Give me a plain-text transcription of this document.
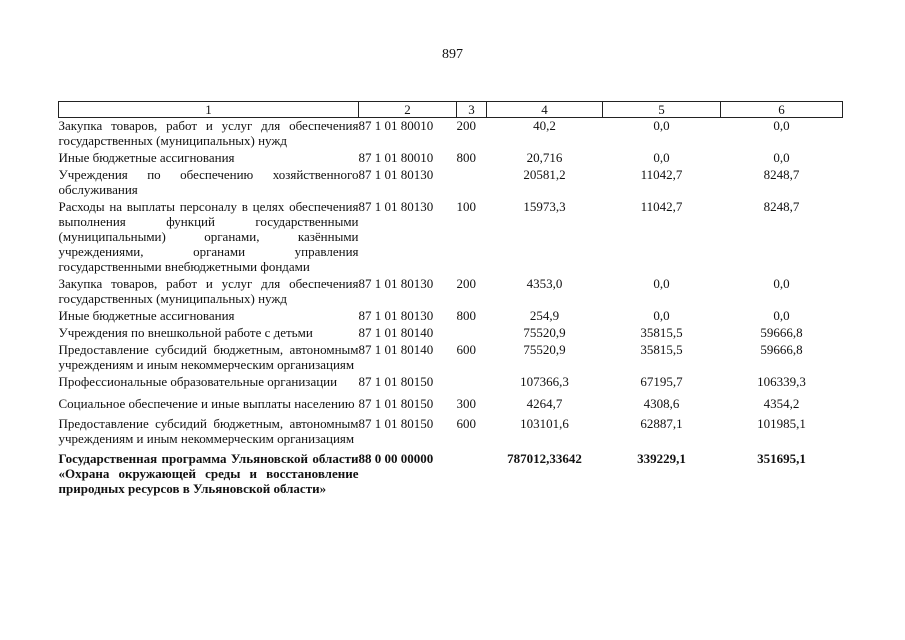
897
1	2	3	4	5	6
Закупка товаров, работ и услуг для обеспечения государственных (муниципальных) нужд	87 1 01 80010	200	40,2	0,0	0,0
Иные бюджетные ассигнования	87 1 01 80010	800	20,716	0,0	0,0
Учреждения по обеспечению хозяйственного обслуживания	87 1 01 80130		20581,2	11042,7	8248,7
Расходы на выплаты персоналу в целях обеспечения выполнения функций государственными (муниципальными) органами, казёнными учреждениями, органами управления государственными внебюджетными фондами	87 1 01 80130	100	15973,3	11042,7	8248,7
Закупка товаров, работ и услуг для обеспечения государственных (муниципальных) нужд	87 1 01 80130	200	4353,0	0,0	0,0
Иные бюджетные ассигнования	87 1 01 80130	800	254,9	0,0	0,0
Учреждения по внешкольной работе с детьми	87 1 01 80140		75520,9	35815,5	59666,8
Предоставление субсидий бюджетным, автономным учреждениям и иным некоммерческим организациям	87 1 01 80140	600	75520,9	35815,5	59666,8
Профессиональные образовательные организации	87 1 01 80150		107366,3	67195,7	106339,3
Социальное обеспечение и иные выплаты населению	87 1 01 80150	300	4264,7	4308,6	4354,2
Предоставление субсидий бюджетным, автономным учреждениям и иным некоммерческим организациям	87 1 01 80150	600	103101,6	62887,1	101985,1
Государственная программа Ульяновской области «Охрана окружающей среды и восстановление природных ресурсов в Ульяновской области»	88 0 00 00000		787012,33642	339229,1	351695,1
